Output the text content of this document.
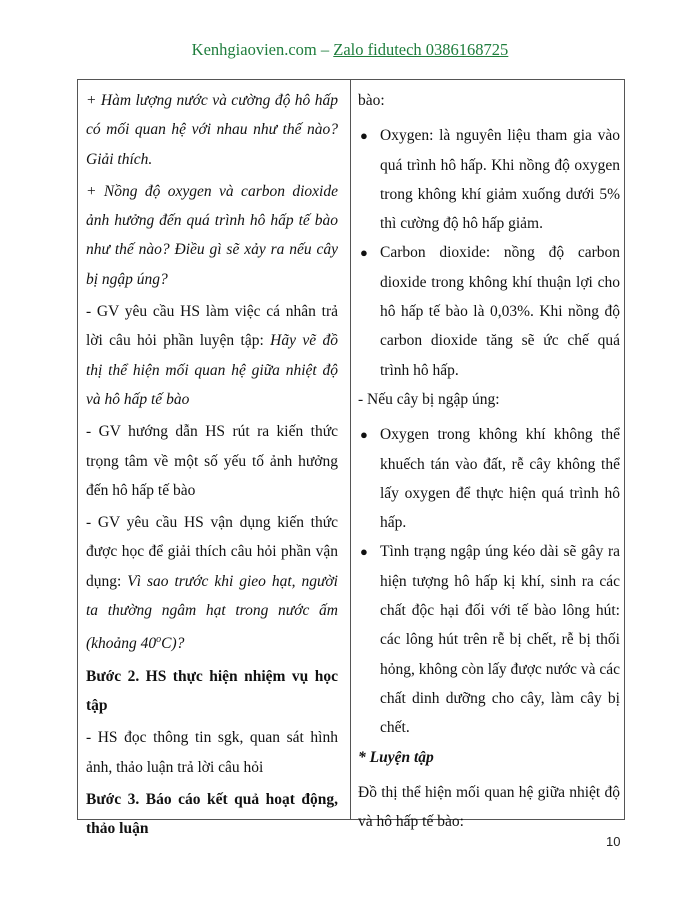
Kenhgiaovien.com – Zalo fidutech 0386168725

+ Hàm lượng nước và cường độ hô hấp có mối quan hệ với nhau như thế nào? Giải thích.

+ Nồng độ oxygen và carbon dioxide ảnh hưởng đến quá trình hô hấp tế bào như thế nào? Điều gì sẽ xảy ra nếu cây bị ngập úng?

- GV yêu cầu HS làm việc cá nhân trả lời câu hỏi phần luyện tập: Hãy vẽ đồ thị thể hiện mối quan hệ giữa nhiệt độ và hô hấp tế bào

- GV hướng dẫn HS rút ra kiến thức trọng tâm về một số yếu tố ảnh hưởng đến hô hấp tế bào

- GV yêu cầu HS vận dụng kiến thức được học để giải thích câu hỏi phần vận dụng: Vì sao trước khi gieo hạt, người ta thường ngâm hạt trong nước ấm (khoảng 40$^o$C)?

Bước 2. HS thực hiện nhiệm vụ học tập

- HS đọc thông tin sgk, quan sát hình ảnh, thảo luận trả lời câu hỏi

Bước 3. Báo cáo kết quả hoạt động, thảo luận

bào:

● Oxygen: là nguyên liệu tham gia vào quá trình hô hấp. Khi nồng độ oxygen trong không khí giảm xuống dưới 5% thì cường độ hô hấp giảm.

● Carbon dioxide: nồng độ carbon dioxide trong không khí thuận lợi cho hô hấp tế bào là 0,03%. Khi nồng độ carbon dioxide tăng sẽ ức chế quá trình hô hấp.

- Nếu cây bị ngập úng:

● Oxygen trong không khí không thể khuếch tán vào đất, rễ cây không thể lấy oxygen để thực hiện quá trình hô hấp.

● Tình trạng ngập úng kéo dài sẽ gây ra hiện tượng hô hấp kị khí, sinh ra các chất độc hại đối với tế bào lông hút: các lông hút trên rễ bị chết, rễ bị thối hỏng, không còn lấy được nước và các chất dinh dưỡng cho cây, làm cây bị chết.

* Luyện tập

Đồ thị thể hiện mối quan hệ giữa nhiệt độ và hô hấp tế bào:

10
